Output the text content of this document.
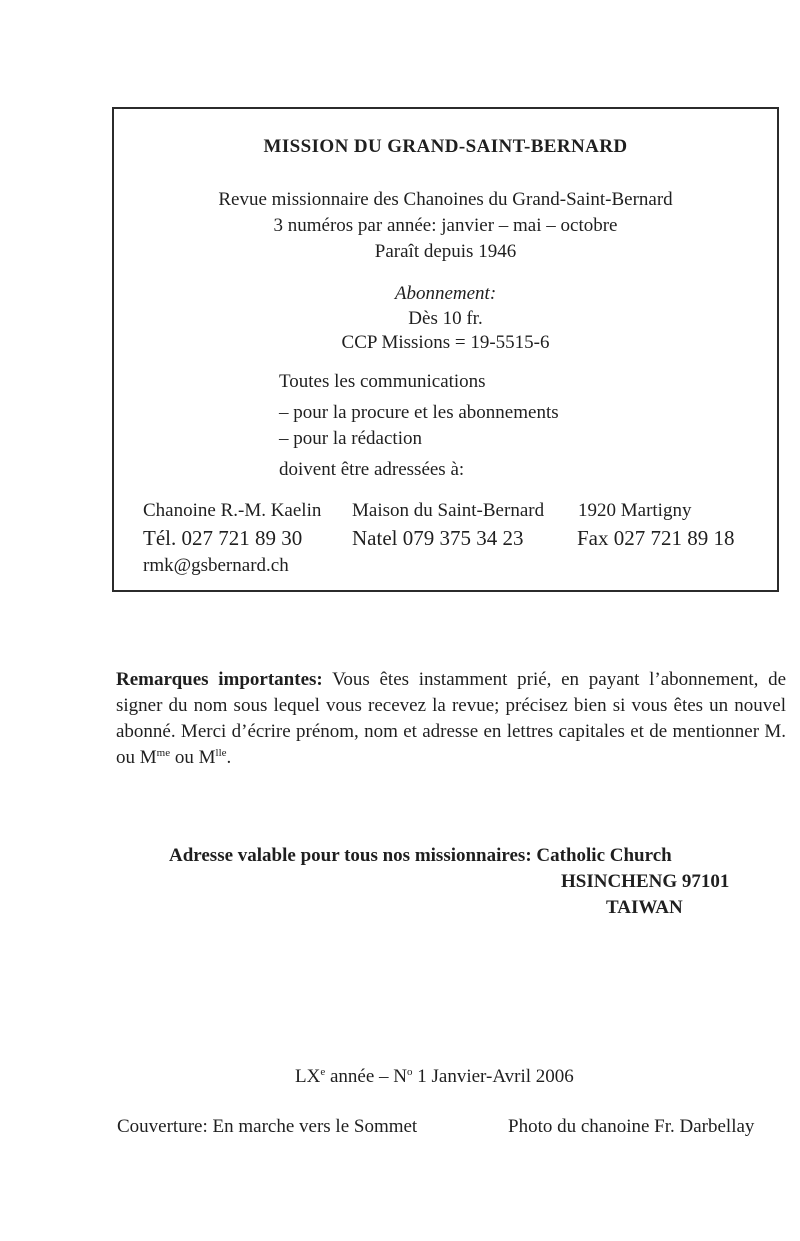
MISSION DU GRAND-SAINT-BERNARD
Revue missionnaire des Chanoines du Grand-Saint-Bernard
3 numéros par année: janvier – mai – octobre
Paraît depuis 1946
Abonnement:
Dès 10 fr.
CCP Missions = 19-5515-6
Toutes les communications
– pour la procure et les abonnements
– pour la rédaction
doivent être adressées à:
Chanoine R.-M. Kaelin Maison du Saint-Bernard 1920 Martigny
Tél. 027 721 89 30 Natel 079 375 34 23	Fax 027 721 89 18
rmk@gsbernard.ch
Remarques importantes: Vous êtes instamment prié, en payant l’abonnement, de signer du nom sous lequel vous recevez la revue; précisez bien si vous êtes un nouvel abonné. Merci d’écrire prénom, nom et adresse en lettres capitales et de mentionner M. ou $M^{me}$ ou $M^{lle}$.
Adresse valable pour tous nos missionnaires: Catholic Church
HSINCHENG 97101
TAIWAN
LXe année – $N^o$ 1 Janvier-Avril 2006
Couverture: En marche vers le Sommet	Photo du chanoine Fr. Darbellay
